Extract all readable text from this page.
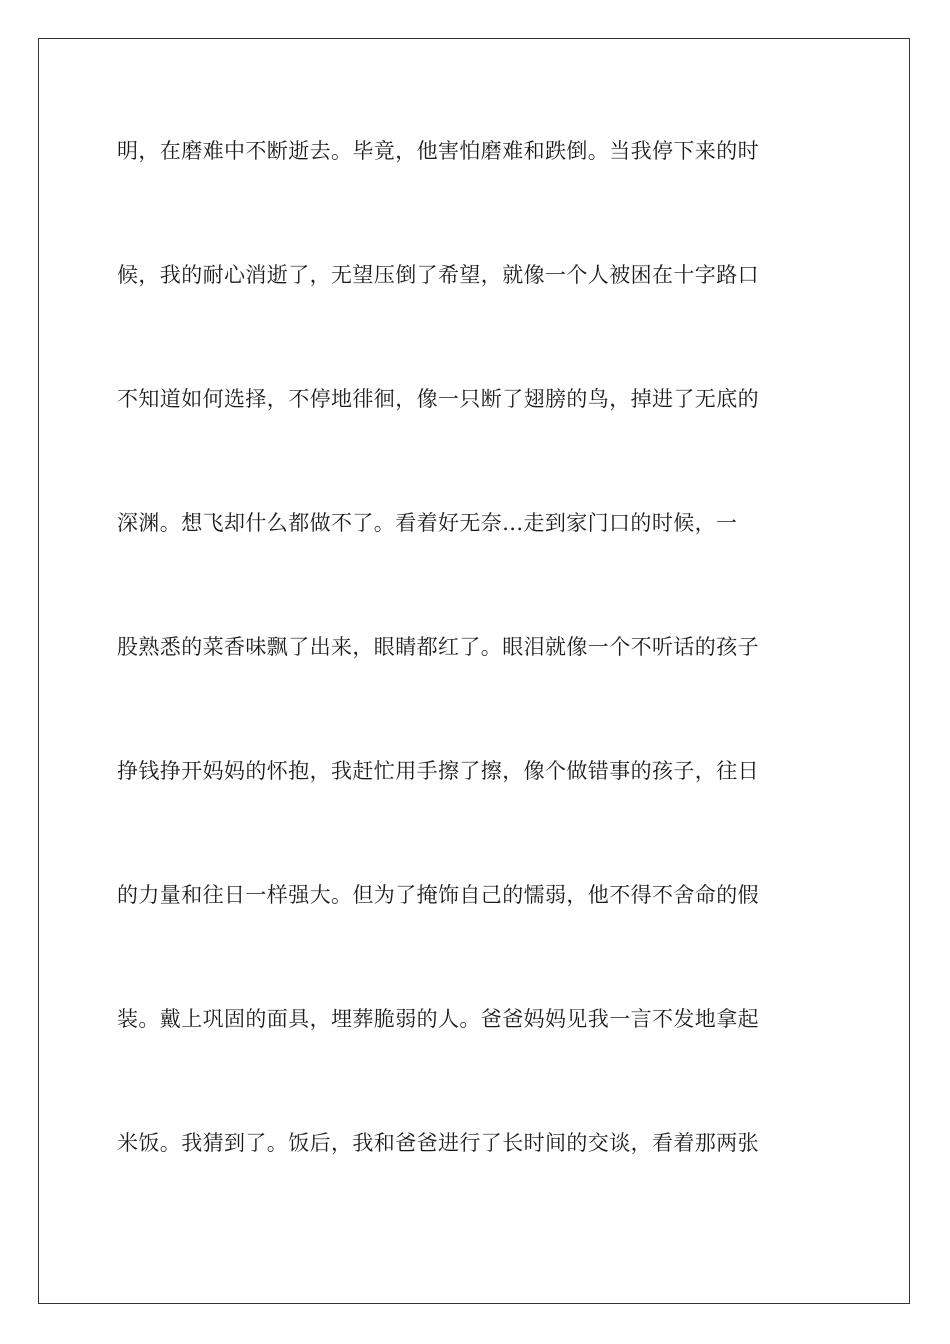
明，在磨难中不断逝去。毕竟，他害怕磨难和跌倒。当我停下来的时
候，我的耐心消逝了，无望压倒了希望，就像一个人被困在十字路口
不知道如何选择，不停地徘徊，像一只断了翅膀的鸟，掉进了无底的
深渊。想飞却什么都做不了。看着好无奈...走到家门口的时候，一
股熟悉的菜香味飘了出来，眼睛都红了。眼泪就像一个不听话的孩子
挣钱挣开妈妈的怀抱，我赶忙用手擦了擦，像个做错事的孩子，往日
的力量和往日一样强大。但为了掩饰自己的懦弱，他不得不舍命的假
装。戴上巩固的面具，埋葬脆弱的人。爸爸妈妈见我一言不发地拿起
米饭。我猜到了。饭后，我和爸爸进行了长时间的交谈，看着那两张
